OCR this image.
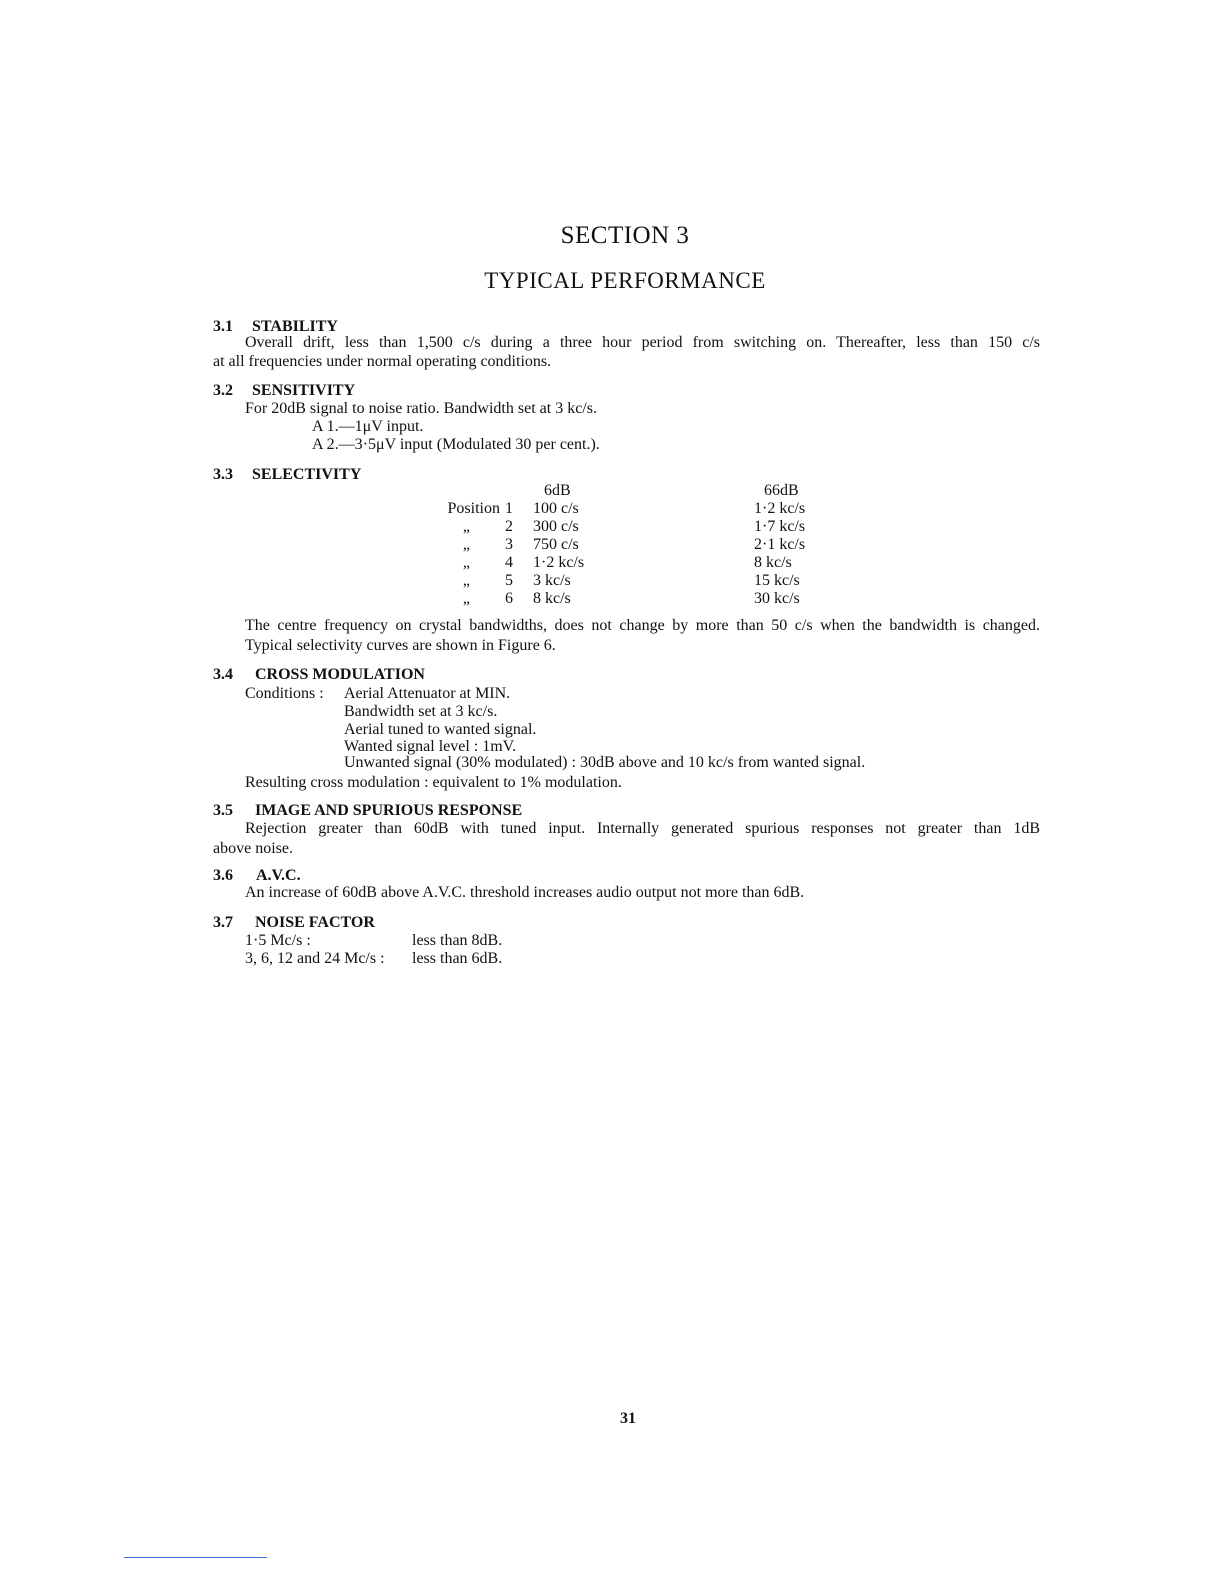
SECTION 3
TYPICAL PERFORMANCE
3.1 STABILITY
Overall drift, less than 1,500 c/s during a three hour period from switching on. Thereafter, less than 150 c/s
at all frequencies under normal operating conditions.
3.2 SENSITIVITY
For 20dB signal to noise ratio. Bandwidth set at 3 kc/s.
A 1.—1μV input.
A 2.—3·5μV input (Modulated 30 per cent.).
3.3 SELECTIVITY
6dB	66dB
Position
„
„
„
„
„
1
2
3
4
5
6
100 c/s
300 c/s
750 c/s
1·2 kc/s
3 kc/s
8 kc/s
1·2 kc/s
1·7 kc/s
2·1 kc/s
8 kc/s
15 kc/s
30 kc/s
The centre frequency on crystal bandwidths, does not change by more than 50 c/s when the bandwidth is changed.
Typical selectivity curves are shown in Figure 6.
3.4 CROSS MODULATION
Conditions : Aerial Attenuator at MIN.
Bandwidth set at 3 kc/s.
Aerial tuned to wanted signal.
Wanted signal level : 1mV.
Unwanted signal (30% modulated) : 30dB above and 10 kc/s from wanted signal.
Resulting cross modulation : equivalent to 1% modulation.
3.5 IMAGE AND SPURIOUS RESPONSE
Rejection greater than 60dB with tuned input. Internally generated spurious responses not greater than 1dB
above noise.
3.6 A.V.C.
An increase of 60dB above A.V.C. threshold increases audio output not more than 6dB.
3.7 NOISE FACTOR
1·5 Mc/s :	less than 8dB.
3, 6, 12 and 24 Mc/s : less than 6dB.
31
